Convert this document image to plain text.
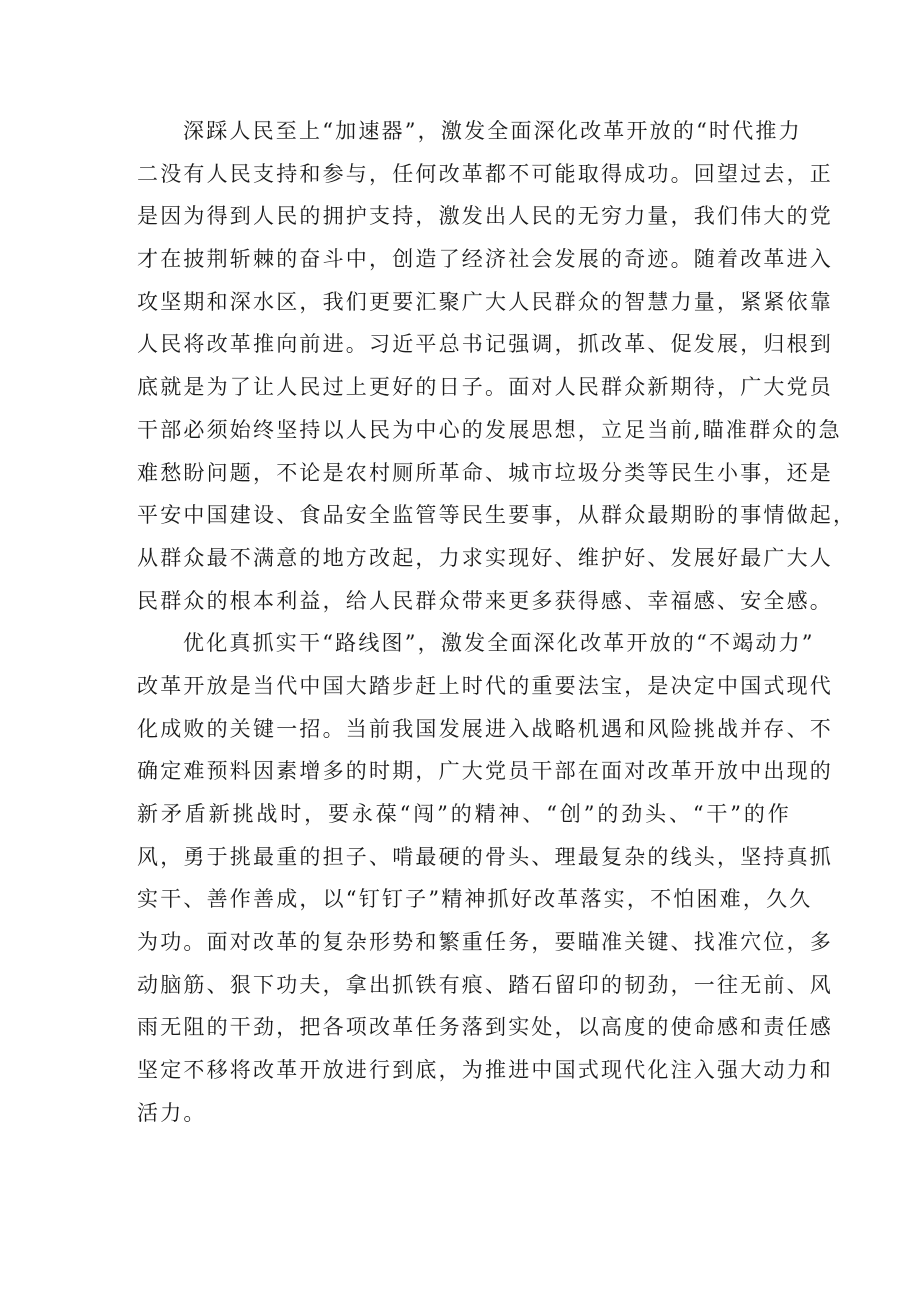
深踩人民至上“加速器”，激发全面深化改革开放的“时代推力
二没有人民支持和参与，任何改革都不可能取得成功。回望过去，正
是因为得到人民的拥护支持，激发出人民的无穷力量，我们伟大的党
才在披荆斩棘的奋斗中，创造了经济社会发展的奇迹。随着改革进入
攻坚期和深水区，我们更要汇聚广大人民群众的智慧力量，紧紧依靠
人民将改革推向前进。习近平总书记强调，抓改革、促发展，归根到
底就是为了让人民过上更好的日子。面对人民群众新期待，广大党员
干部必须始终坚持以人民为中心的发展思想，立足当前,瞄准群众的急
难愁盼问题，不论是农村厕所革命、城市垃圾分类等民生小事，还是
平安中国建设、食品安全监管等民生要事，从群众最期盼的事情做起，
从群众最不满意的地方改起，力求实现好、维护好、发展好最广大人
民群众的根本利益，给人民群众带来更多获得感、幸福感、安全感。
优化真抓实干“路线图”，激发全面深化改革开放的“不竭动力”
改革开放是当代中国大踏步赶上时代的重要法宝，是决定中国式现代
化成败的关键一招。当前我国发展进入战略机遇和风险挑战并存、不
确定难预料因素增多的时期，广大党员干部在面对改革开放中出现的
新矛盾新挑战时，要永葆“闯”的精神、“创”的劲头、“干”的作
风，勇于挑最重的担子、啃最硬的骨头、理最复杂的线头，坚持真抓
实干、善作善成，以“钉钉子”精神抓好改革落实，不怕困难，久久
为功。面对改革的复杂形势和繁重任务，要瞄准关键、找准穴位，多
动脑筋、狠下功夫，拿出抓铁有痕、踏石留印的韧劲，一往无前、风
雨无阻的干劲，把各项改革任务落到实处，以高度的使命感和责任感
坚定不移将改革开放进行到底，为推进中国式现代化注入强大动力和
活力。
